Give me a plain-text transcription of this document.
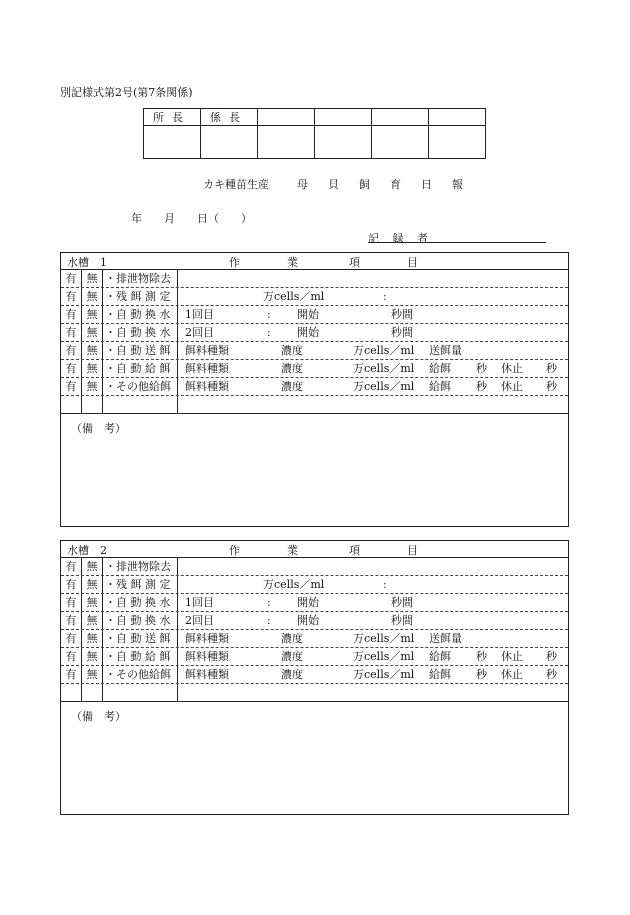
別記様式第2号(第7条関係)
所長	係長				

カキ種苗生産	母 貝 飼 育 日 報
年　　月　　日（　　）
記 録 者
水槽　1	作	業	項	目
有 無 ・排泄物除去
有 無 ・残 餌 測 定	万cells／ml	:
有 無 ・自 動 換 水	1回目	: 開始	秒間
有 無 ・自 動 換 水	2回目	: 開始	秒間
有 無 ・自 動 送 餌	餌料種類	濃度	万cells／ml 送餌量
有 無 ・自 動 給 餌	餌料種類	濃度	万cells／ml 給餌 秒 休止 秒
有 無 ・その他給餌	餌料種類	濃度	万cells／ml 給餌 秒 休止 秒
（備　考）
水槽　2	作	業	項	目
有 無 ・排泄物除去
有 無 ・残 餌 測 定	万cells／ml	:
有 無 ・自 動 換 水	1回目	: 開始	秒間
有 無 ・自 動 換 水	2回目	: 開始	秒間
有 無 ・自 動 送 餌	餌料種類	濃度	万cells／ml 送餌量
有 無 ・自 動 給 餌	餌料種類	濃度	万cells／ml 給餌 秒 休止 秒
有 無 ・その他給餌	餌料種類	濃度	万cells／ml 給餌 秒 休止 秒
（備　考）
